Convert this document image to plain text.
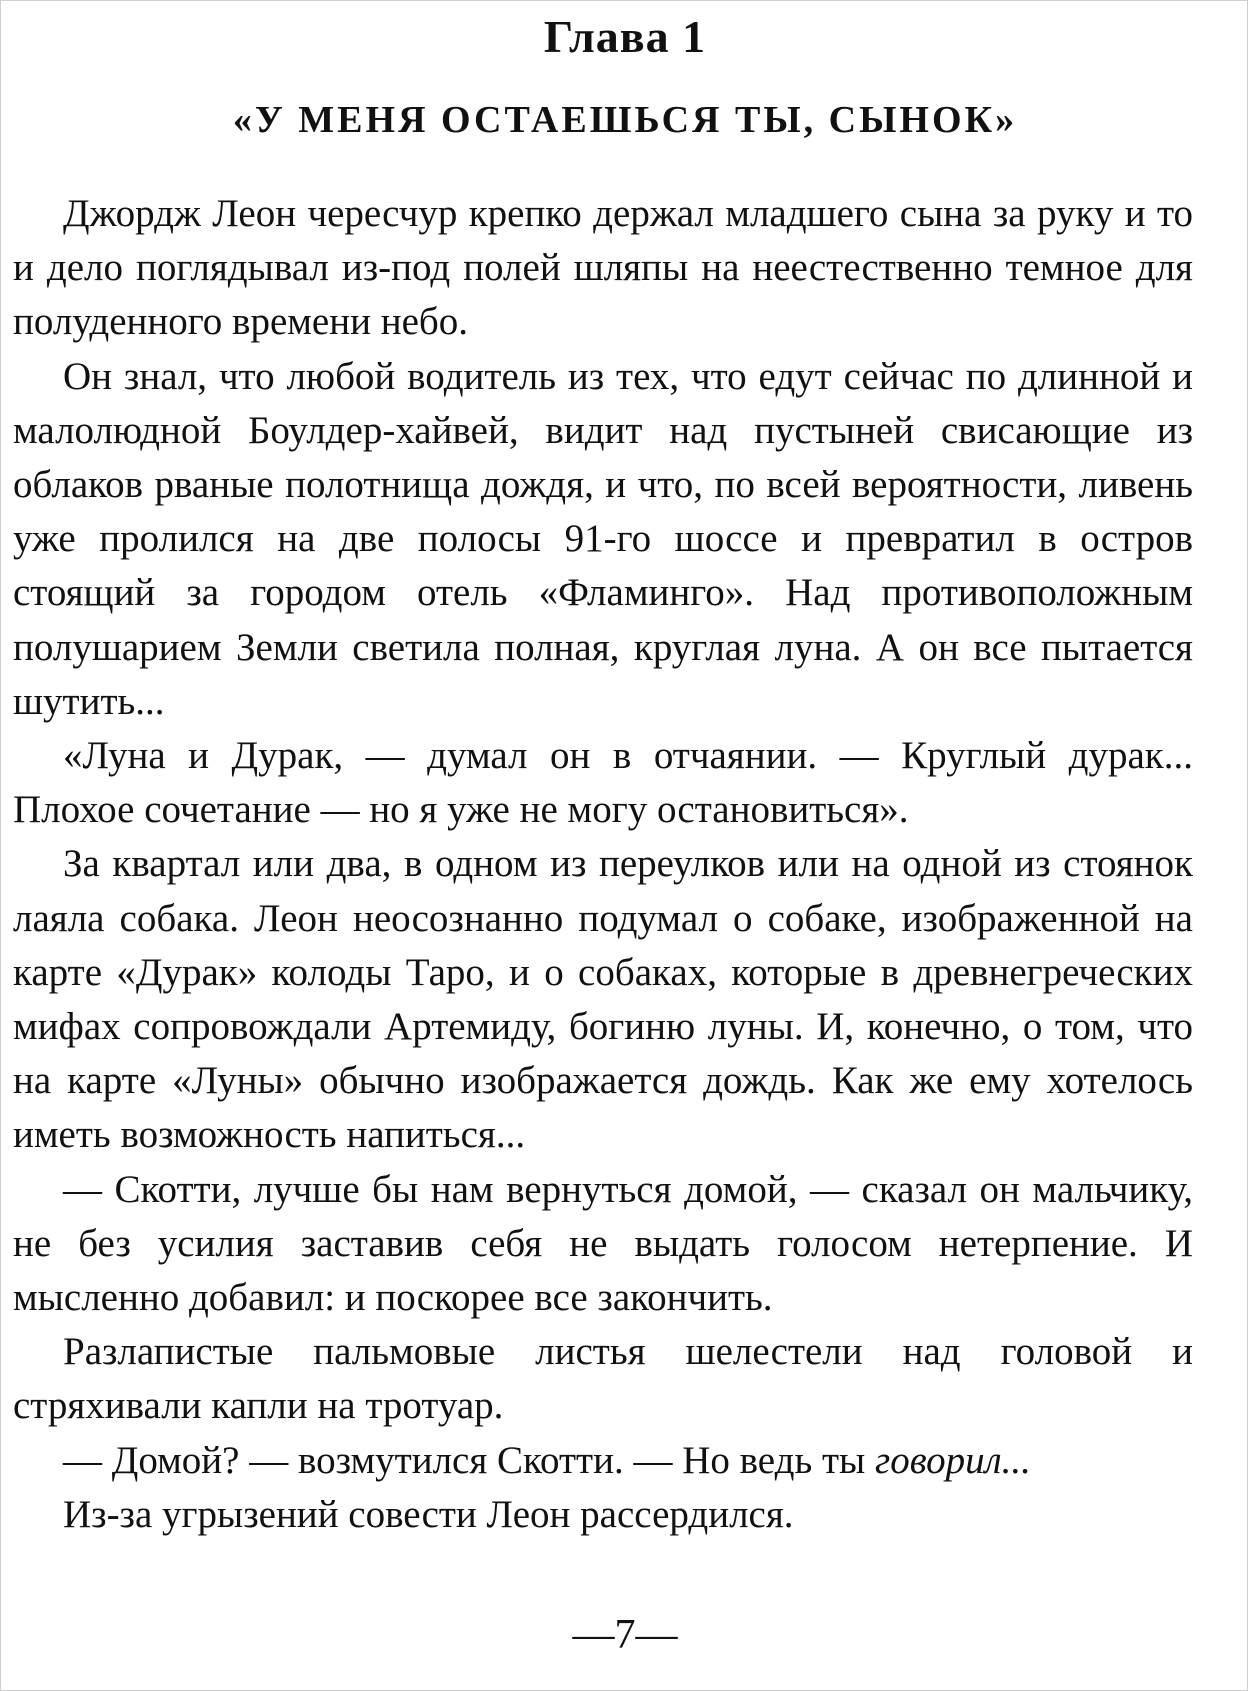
Глава 1
«У МЕНЯ ОСТАЕШЬСЯ ТЫ, СЫНОК»

Джордж Леон чересчур крепко держал младшего сына за руку и то и дело поглядывал из-под полей шляпы на неестественно темное для полуденного времени небо.

Он знал, что любой водитель из тех, что едут сейчас по длинной и малолюдной Боулдер-хайвей, видит над пустыней свисающие из облаков рваные полотнища дождя, и что, по всей вероятности, ливень уже пролился на две полосы 91-го шоссе и превратил в остров стоящий за городом отель «Фламинго». Над противоположным полушарием Земли светила полная, круглая луна. А он все пытается шутить...

«Луна и Дурак, — думал он в отчаянии. — Круглый дурак... Плохое сочетание — но я уже не могу остановиться».

За квартал или два, в одном из переулков или на одной из стоянок лаяла собака. Леон неосознанно подумал о собаке, изображенной на карте «Дурак» колоды Таро, и о собаках, которые в древнегреческих мифах сопровождали Артемиду, богиню луны. И, конечно, о том, что на карте «Луны» обычно изображается дождь. Как же ему хотелось иметь возможность напиться...

— Скотти, лучше бы нам вернуться домой, — сказал он мальчику, не без усилия заставив себя не выдать голосом нетерпение. И мысленно добавил: и поскорее все закончить.

Разлапистые пальмовые листья шелестели над головой и стряхивали капли на тротуар.

— Домой? — возмутился Скотти. — Но ведь ты говорил...

Из-за угрызений совести Леон рассердился.

—7—
